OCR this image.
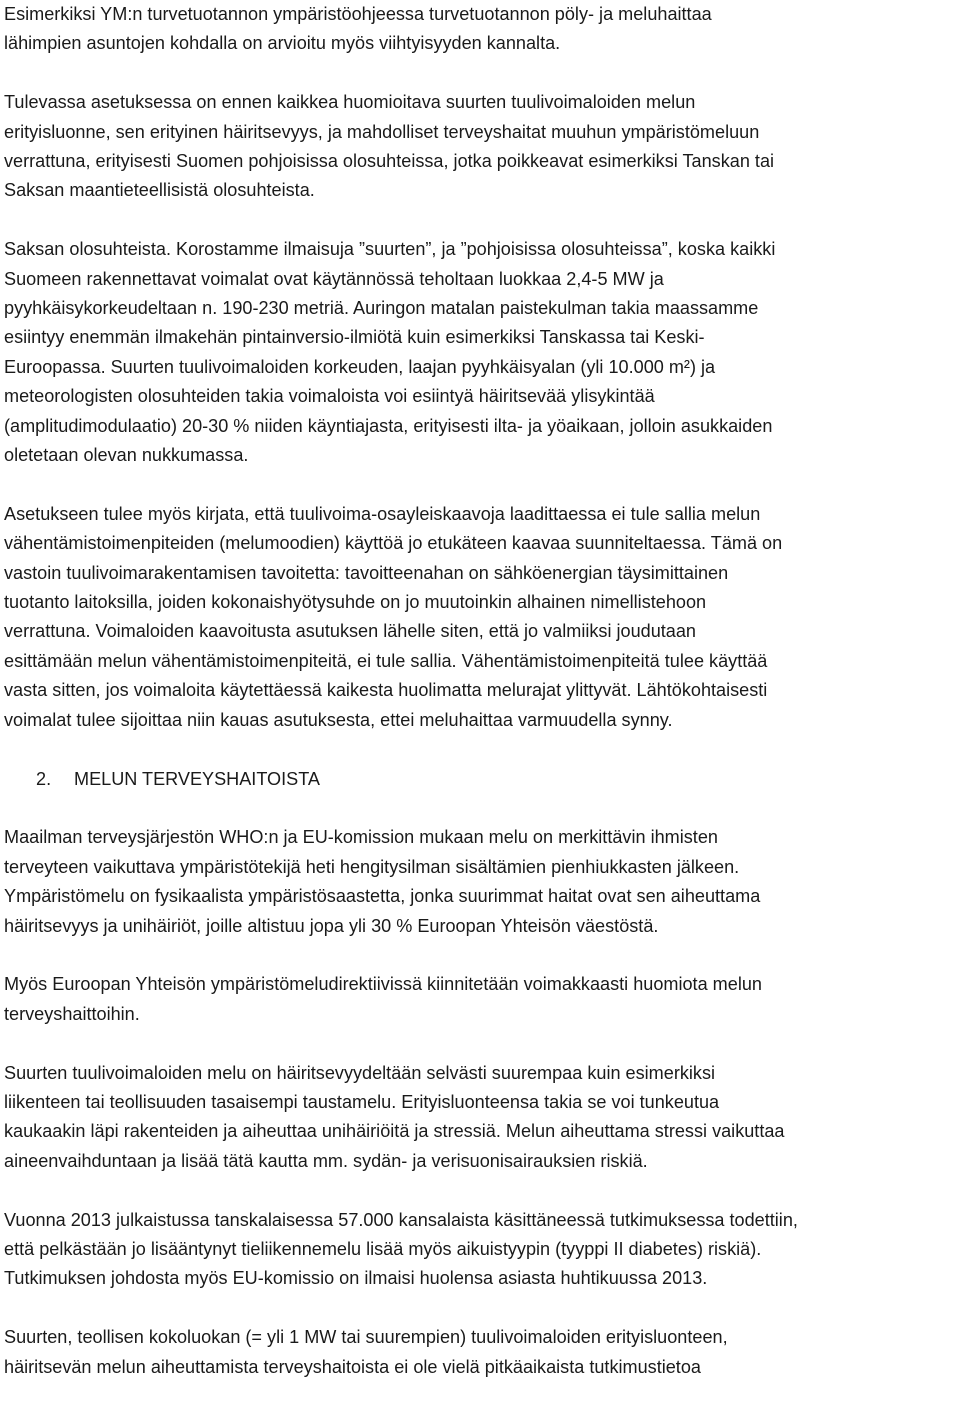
Esimerkiksi YM:n turvetuotannon ympäristöohjeessa turvetuotannon pöly- ja meluhaittaa
lähimpien asuntojen kohdalla on arvioitu myös viihtyisyyden kannalta.

Tulevassa asetuksessa on ennen kaikkea huomioitava suurten tuulivoimaloiden melun
erityisluonne, sen erityinen häiritsevyys, ja mahdolliset terveyshaitat muuhun ympäristömeluun
verrattuna, erityisesti Suomen pohjoisissa olosuhteissa, jotka poikkeavat esimerkiksi Tanskan tai
Saksan maantieteellisistä olosuhteista.

Saksan olosuhteista. Korostamme ilmaisuja ”suurten”, ja ”pohjoisissa olosuhteissa”, koska kaikki
Suomeen rakennettavat voimalat ovat käytännössä teholtaan luokkaa 2,4-5 MW ja
pyyhkäisykorkeudeltaan n. 190-230 metriä. Auringon matalan paistekulman takia maassamme
esiintyy enemmän ilmakehän pintainversio-ilmiötä kuin esimerkiksi Tanskassa tai Keski-
Euroopassa. Suurten tuulivoimaloiden korkeuden, laajan pyyhkäisyalan (yli 10.000 m²) ja
meteorologisten olosuhteiden takia voimaloista voi esiintyä häiritsevää ylisykintää
(amplitudimodulaatio) 20-30 % niiden käyntiajasta, erityisesti ilta- ja yöaikaan, jolloin asukkaiden
oletetaan olevan nukkumassa.

Asetukseen tulee myös kirjata, että tuulivoima-osayleiskaavoja laadittaessa ei tule sallia melun
vähentämistoimenpiteiden (melumoodien) käyttöä jo etukäteen kaavaa suunniteltaessa. Tämä on
vastoin tuulivoimarakentamisen tavoitetta: tavoitteenahan on sähköenergian täysimittainen
tuotanto laitoksilla, joiden kokonaishyötysuhde on jo muutoinkin alhainen nimellistehoon
verrattuna. Voimaloiden kaavoitusta asutuksen lähelle siten, että jo valmiiksi joudutaan
esittämään melun vähentämistoimenpiteitä, ei tule sallia. Vähentämistoimenpiteitä tulee käyttää
vasta sitten, jos voimaloita käytettäessä kaikesta huolimatta melurajat ylittyvät. Lähtökohtaisesti
voimalat tulee sijoittaa niin kauas asutuksesta, ettei meluhaittaa varmuudella synny.

2. MELUN TERVEYSHAITOISTA

Maailman terveysjärjestön WHO:n ja EU-komission mukaan melu on merkittävin ihmisten
terveyteen vaikuttava ympäristötekijä heti hengitysilman sisältämien pienhiukkasten jälkeen.
Ympäristömelu on fysikaalista ympäristösaastetta, jonka suurimmat haitat ovat sen aiheuttama
häiritsevyys ja unihäiriöt, joille altistuu jopa yli 30 % Euroopan Yhteisön väestöstä.

Myös Euroopan Yhteisön ympäristömeludirektiivissä kiinnitetään voimakkaasti huomiota melun
terveyshaittoihin.

Suurten tuulivoimaloiden melu on häiritsevyydeltään selvästi suurempaa kuin esimerkiksi
liikenteen tai teollisuuden tasaisempi taustamelu. Erityisluonteensa takia se voi tunkeutua
kaukaakin läpi rakenteiden ja aiheuttaa unihäiriöitä ja stressiä. Melun aiheuttama stressi vaikuttaa
aineenvaihduntaan ja lisää tätä kautta mm. sydän- ja verisuonisairauksien riskiä.

Vuonna 2013 julkaistussa tanskalaisessa 57.000 kansalaista käsittäneessä tutkimuksessa todettiin,
että pelkästään jo lisääntynyt tieliikennemelu lisää myös aikuistyypin (tyyppi II diabetes) riskiä).
Tutkimuksen johdosta myös EU-komissio on ilmaisi huolensa asiasta huhtikuussa 2013.

Suurten, teollisen kokoluokan (= yli 1 MW tai suurempien) tuulivoimaloiden erityisluonteen,
häiritsevän melun aiheuttamista terveyshaitoista ei ole vielä pitkäaikaista tutkimustietoa
